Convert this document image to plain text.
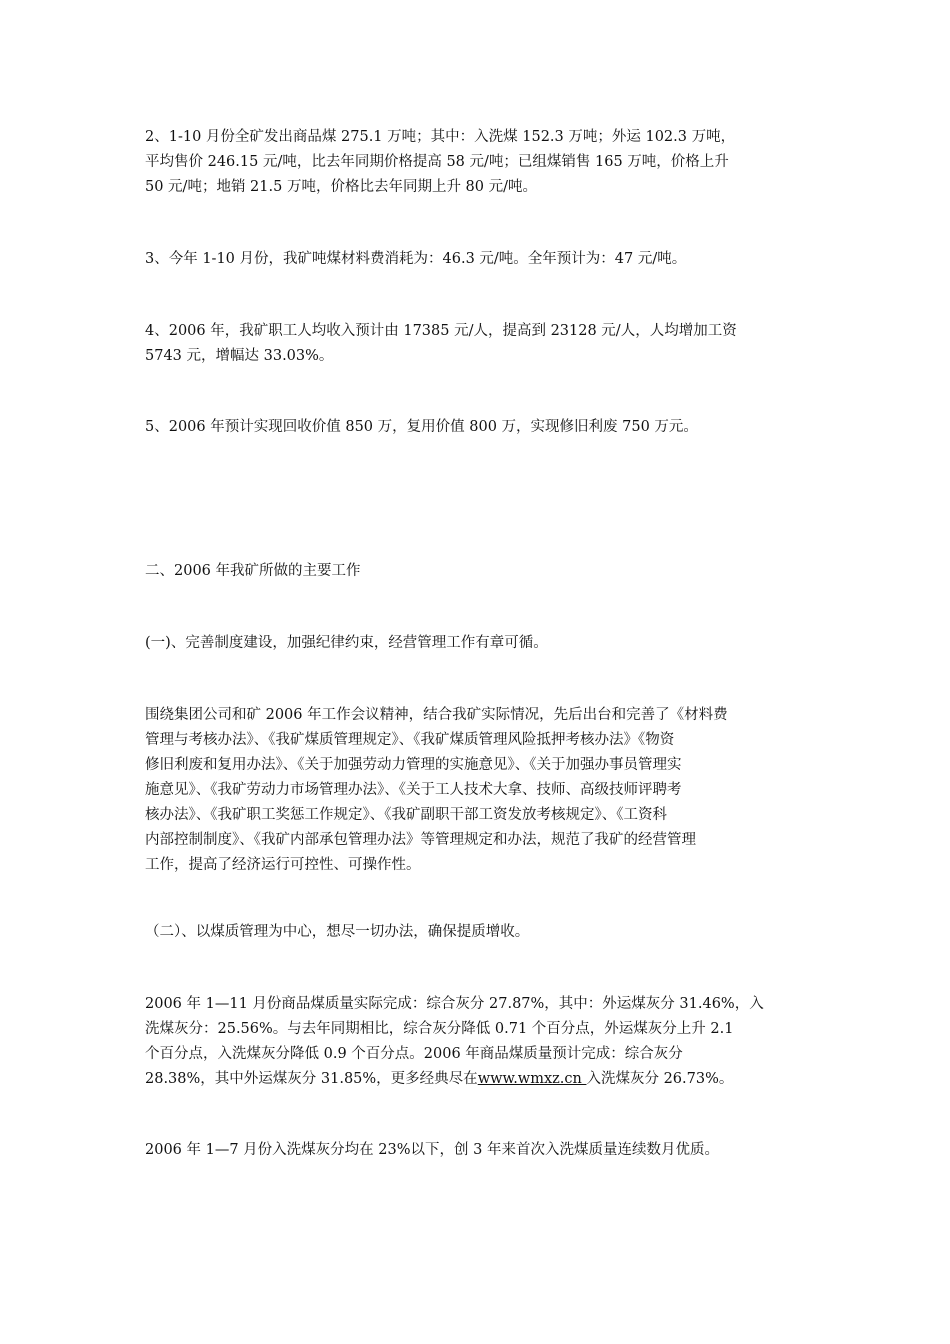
2、1-10 月份全矿发出商品煤 275.1 万吨；其中：入洗煤 152.3 万吨；外运 102.3 万吨，
平均售价 246.15 元/吨，比去年同期价格提高 58 元/吨；已组煤销售 165 万吨，价格上升
50 元/吨；地销 21.5 万吨，价格比去年同期上升 80 元/吨。

3、今年 1-10 月份，我矿吨煤材料费消耗为：46.3 元/吨。全年预计为：47 元/吨。

4、2006 年，我矿职工人均收入预计由 17385 元/人，提高到 23128 元/人，人均增加工资
5743 元，增幅达 33.03%。

5、2006 年预计实现回收价值 850 万，复用价值 800 万，实现修旧利废 750 万元。

二、2006 年我矿所做的主要工作

(一)、完善制度建设，加强纪律约束，经营管理工作有章可循。

围绕集团公司和矿 2006 年工作会议精神，结合我矿实际情况，先后出台和完善了《材料费
管理与考核办法》、《我矿煤质管理规定》、《我矿煤质管理风险抵押考核办法》《物资
修旧利废和复用办法》、《关于加强劳动力管理的实施意见》、《关于加强办事员管理实
施意见》、《我矿劳动力市场管理办法》、《关于工人技术大拿、技师、高级技师评聘考
核办法》、《我矿职工奖惩工作规定》、《我矿副职干部工资发放考核规定》、《工资科
内部控制制度》、《我矿内部承包管理办法》等管理规定和办法，规范了我矿的经营管理
工作，提高了经济运行可控性、可操作性。

（二）、以煤质管理为中心，想尽一切办法，确保提质增收。

2006 年 1—11 月份商品煤质量实际完成：综合灰分 27.87%，其中：外运煤灰分 31.46%，入
洗煤灰分：25.56%。与去年同期相比，综合灰分降低 0.71 个百分点，外运煤灰分上升 2.1
个百分点，入洗煤灰分降低 0.9 个百分点。2006 年商品煤质量预计完成：综合灰分
28.38%，其中外运煤灰分 31.85%，更多经典尽在www.wmxz.cn 入洗煤灰分 26.73%。

2006 年 1—7 月份入洗煤灰分均在 23%以下，创 3 年来首次入洗煤质量连续数月优质。
